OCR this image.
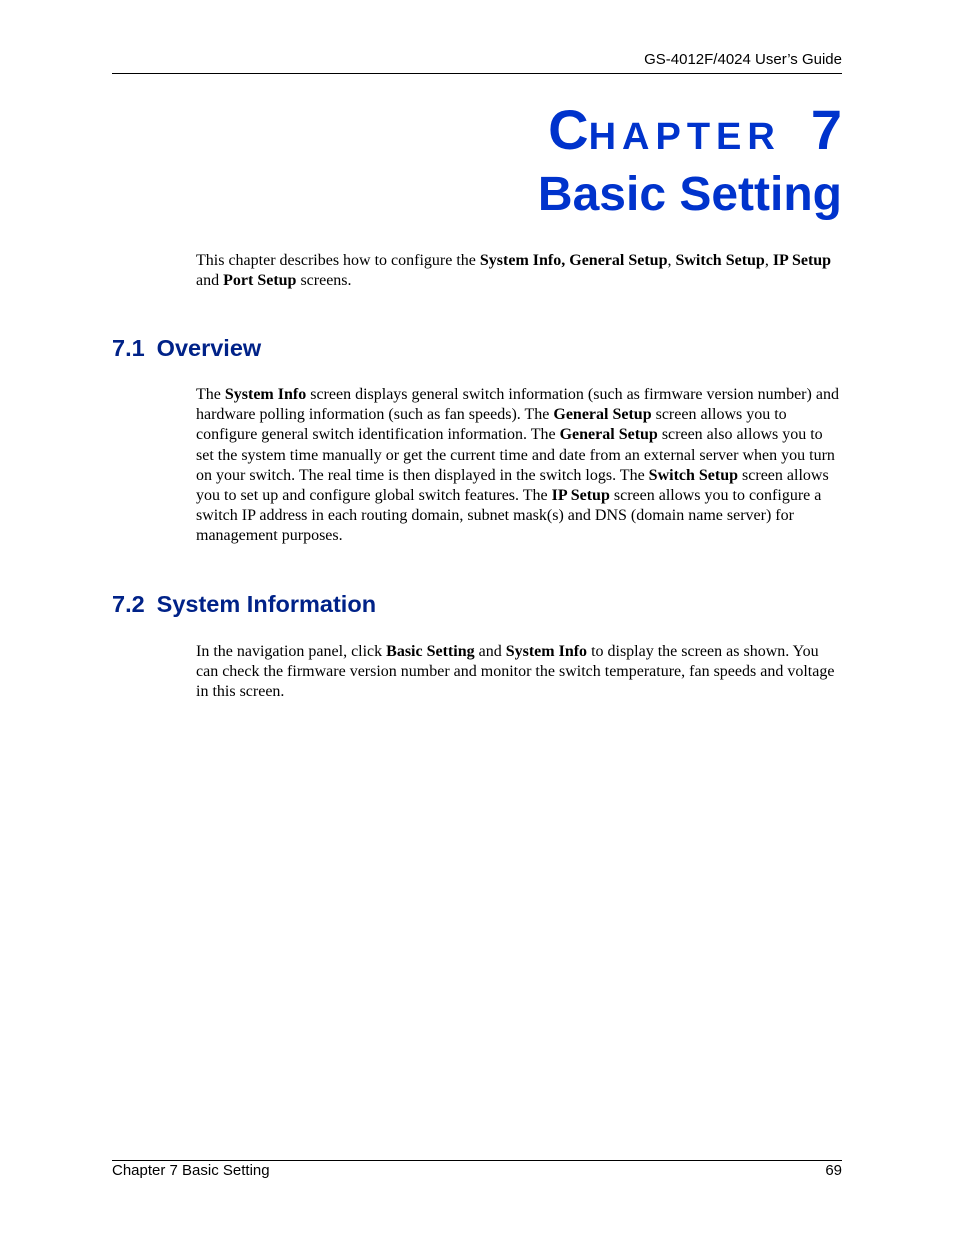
GS-4012F/4024 User’s Guide
CHAPTER 7
Basic Setting
This chapter describes how to configure the System Info, General Setup, Switch Setup, IP Setup and Port Setup screens.
7.1 Overview
The System Info screen displays general switch information (such as firmware version number) and hardware polling information (such as fan speeds). The General Setup screen allows you to configure general switch identification information. The General Setup screen also allows you to set the system time manually or get the current time and date from an external server when you turn on your switch. The real time is then displayed in the switch logs. The Switch Setup screen allows you to set up and configure global switch features. The IP Setup screen allows you to configure a switch IP address in each routing domain, subnet mask(s) and DNS (domain name server) for management purposes.
7.2 System Information
In the navigation panel, click Basic Setting and System Info to display the screen as shown. You can check the firmware version number and monitor the switch temperature, fan speeds and voltage in this screen.
Chapter 7 Basic Setting	69
